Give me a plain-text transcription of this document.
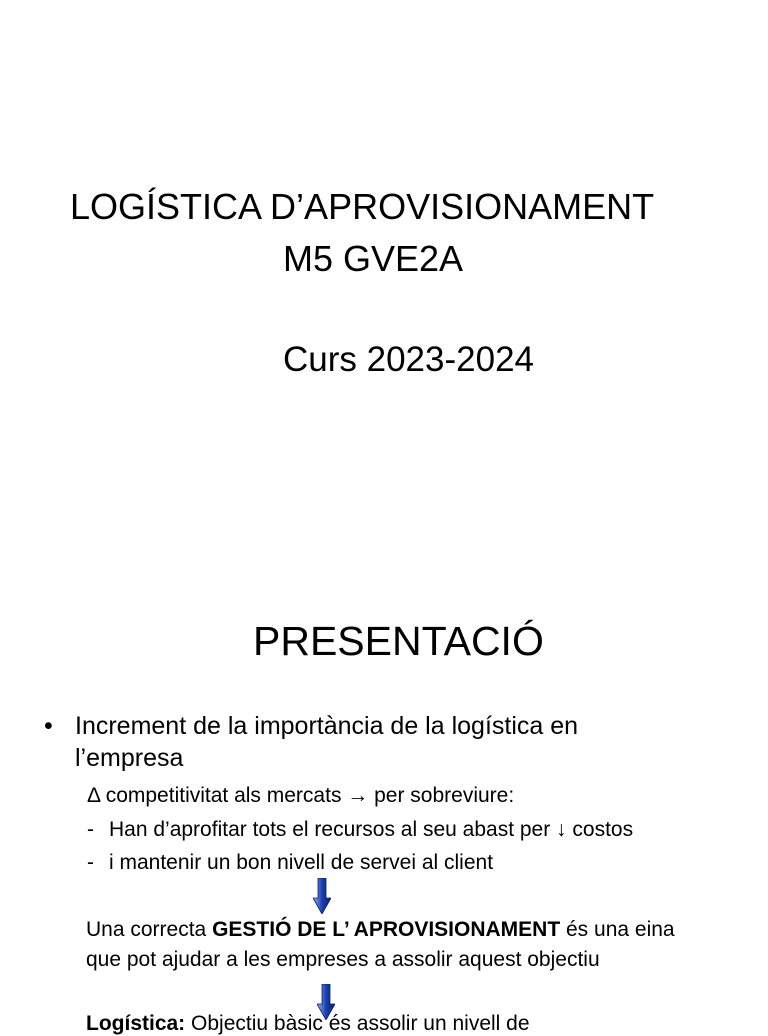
LOGÍSTICA D’APROVISIONAMENT
M5 GVE2A
Curs 2023-2024
PRESENTACIÓ
• Increment de la importància de la logística en
l’empresa
Δ competitivitat als mercats → per sobreviure:
- Han d’aprofitar tots el recursos al seu abast per ↓ costos
- i mantenir un bon nivell de servei al client
Una correcta GESTIÓ DE L’ APROVISIONAMENT és una eina
que pot ajudar a les empreses a assolir aquest objectiu
Logística: Objectiu bàsic és assolir un nivell de
